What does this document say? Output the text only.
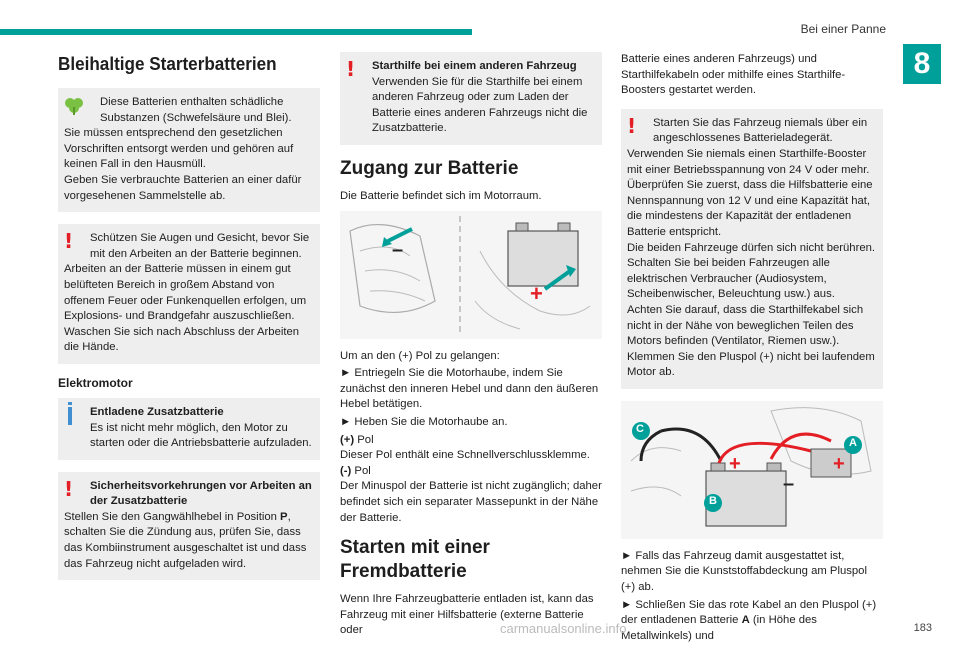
Bei einer Panne
8
Bleihaltige Starterbatterien

Diese Batterien enthalten schädliche Substanzen (Schwefelsäure und Blei).

Sie müssen entsprechend den gesetzlichen Vorschriften entsorgt werden und gehören auf keinen Fall in den Hausmüll.

Geben Sie verbrauchte Batterien an einer dafür vorgesehenen Sammelstelle ab.

!	Schützen Sie Augen und Gesicht, bevor Sie mit den Arbeiten an der Batterie beginnen.

Arbeiten an der Batterie müssen in einem gut belüfteten Bereich in großem Abstand von offenem Feuer oder Funkenquellen erfolgen, um Explosions- und Brandgefahr auszuschließen.

Waschen Sie sich nach Abschluss der Arbeiten die Hände.

Elektromotor

Entladene Zusatzbatterie

Es ist nicht mehr möglich, den Motor zu starten oder die Antriebsbatterie aufzuladen.

!	Sicherheitsvorkehrungen vor Arbeiten an der Zusatzbatterie

Stellen Sie den Gangwählhebel in Position P, schalten Sie die Zündung aus, prüfen Sie, dass das Kombiinstrument ausgeschaltet ist und dass das Fahrzeug nicht aufgeladen wird.

!	Starthilfe bei einem anderen Fahrzeug

Verwenden Sie für die Starthilfe bei einem anderen Fahrzeug oder zum Laden der Batterie eines anderen Fahrzeugs nicht die Zusatzbatterie.

Zugang zur Batterie

Die Batterie befindet sich im Motorraum.

–
+

Um an den (+) Pol zu gelangen:

► Entriegeln Sie die Motorhaube, indem Sie zunächst den inneren Hebel und dann den äußeren Hebel betätigen.

► Heben Sie die Motorhaube an.

(+) Pol

Dieser Pol enthält eine Schnellverschlussklemme.

(-) Pol

Der Minuspol der Batterie ist nicht zugänglich; daher befindet sich ein separater Massepunkt in der Nähe der Batterie.

Starten mit einer Fremdbatterie

Wenn Ihre Fahrzeugbatterie entladen ist, kann das Fahrzeug mit einer Hilfsbatterie (externe Batterie oder

Batterie eines anderen Fahrzeugs) und Starthilfekabeln oder mithilfe eines Starthilfe-Boosters gestartet werden.

!	Starten Sie das Fahrzeug niemals über ein angeschlossenes Batterieladegerät.

Verwenden Sie niemals einen Starthilfe-Booster mit einer Betriebsspannung von 24 V oder mehr.

Überprüfen Sie zuerst, dass die Hilfsbatterie eine Nennspannung von 12 V und eine Kapazität hat, die mindestens der Kapazität der entladenen Batterie entspricht.

Die beiden Fahrzeuge dürfen sich nicht berühren.

Schalten Sie bei beiden Fahrzeugen alle elektrischen Verbraucher (Audiosystem, Scheibenwischer, Beleuchtung usw.) aus.

Achten Sie darauf, dass die Starthilfekabel sich nicht in der Nähe von beweglichen Teilen des Motors befinden (Ventilator, Riemen usw.).

Klemmen Sie den Pluspol (+) nicht bei laufendem Motor ab.

C
A
B
+	+
–

► Falls das Fahrzeug damit ausgestattet ist, nehmen Sie die Kunststoffabdeckung am Pluspol (+) ab.

► Schließen Sie das rote Kabel an den Pluspol (+) der entladenen Batterie A (in Höhe des Metallwinkels) und

carmanualsonline.info	183
